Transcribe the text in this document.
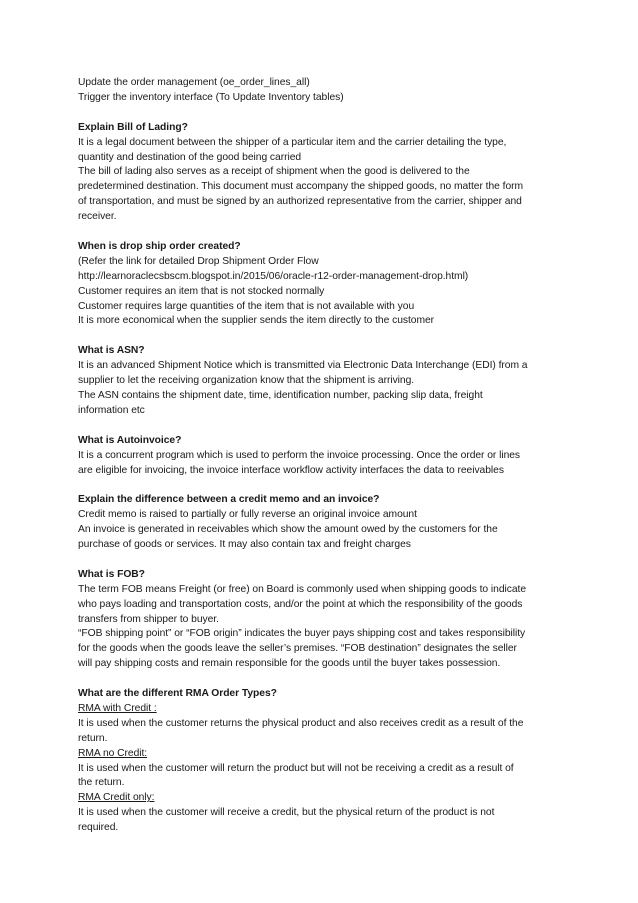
Update the order management (oe_order_lines_all)
Trigger the inventory interface (To Update Inventory tables)
Explain Bill of Lading?
It is a legal document between the shipper of a particular item and the carrier detailing the type,
quantity and destination of the good being carried
The bill of lading also serves as a receipt of shipment when the good is delivered to the
predetermined destination. This document must accompany the shipped goods, no matter the form
of transportation, and must be signed by an authorized representative from the carrier, shipper and
receiver.
When is drop ship order created?
(Refer the link for detailed Drop Shipment Order Flow
http://learnoraclecsbscm.blogspot.in/2015/06/oracle-r12-order-management-drop.html)
Customer requires an item that is not stocked normally
Customer requires large quantities of the item that is not available with you
It is more economical when the supplier sends the item directly to the customer
What is ASN?
It is an advanced Shipment Notice which is transmitted via Electronic Data Interchange (EDI) from a
supplier to let the receiving organization know that the shipment is arriving.
The ASN contains the shipment date, time, identification number, packing slip data, freight
information etc
What is Autoinvoice?
It is a concurrent program which is used to perform the invoice processing. Once the order or lines
are eligible for invoicing, the invoice interface workflow activity interfaces the data to reeivables
Explain the difference between a credit memo and an invoice?
Credit memo is raised to partially or fully reverse an original invoice amount
An invoice is generated in receivables which show the amount owed by the customers for the
purchase of goods or services. It may also contain tax and freight charges
What is FOB?
The term FOB means Freight (or free) on Board is commonly used when shipping goods to indicate
who pays loading and transportation costs, and/or the point at which the responsibility of the goods
transfers from shipper to buyer.
“FOB shipping point” or “FOB origin” indicates the buyer pays shipping cost and takes responsibility
for the goods when the goods leave the seller’s premises. “FOB destination” designates the seller
will pay shipping costs and remain responsible for the goods until the buyer takes possession.
What are the different RMA Order Types?
RMA with Credit :
It is used when the customer returns the physical product and also receives credit as a result of the
return.
RMA no Credit:
It is used when the customer will return the product but will not be receiving a credit as a result of
the return.
RMA Credit only:
It is used when the customer will receive a credit, but the physical return of the product is not
required.
